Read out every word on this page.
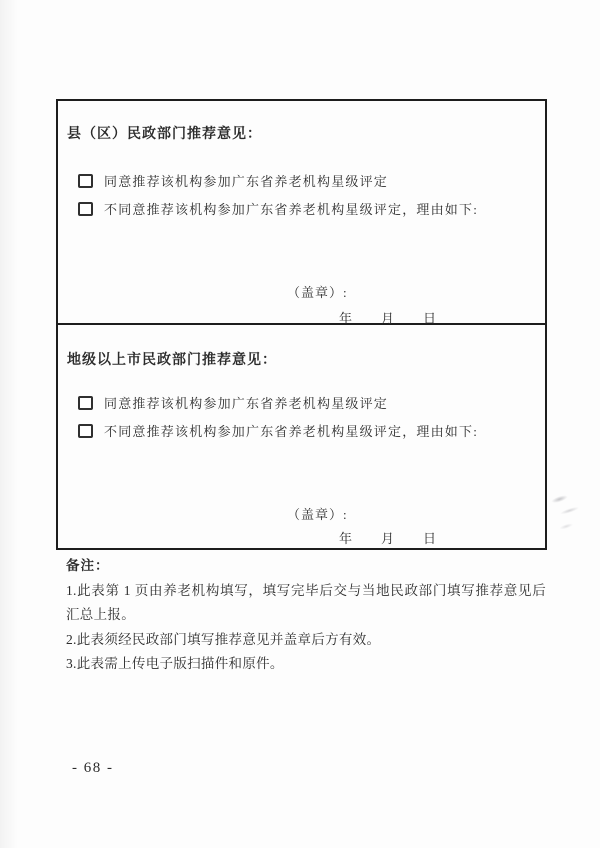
县（区）民政部门推荐意见：
同意推荐该机构参加广东省养老机构星级评定
不同意推荐该机构参加广东省养老机构星级评定，理由如下:
（盖章）:
年　　月　　日
地级以上市民政部门推荐意见：
同意推荐该机构参加广东省养老机构星级评定
不同意推荐该机构参加广东省养老机构星级评定，理由如下:
（盖章）:
年　　月　　日
备注：
1.此表第 1 页由养老机构填写，填写完毕后交与当地民政部门填写推荐意见后汇总上报。
2.此表须经民政部门填写推荐意见并盖章后方有效。
3.此表需上传电子版扫描件和原件。
- 68 -
